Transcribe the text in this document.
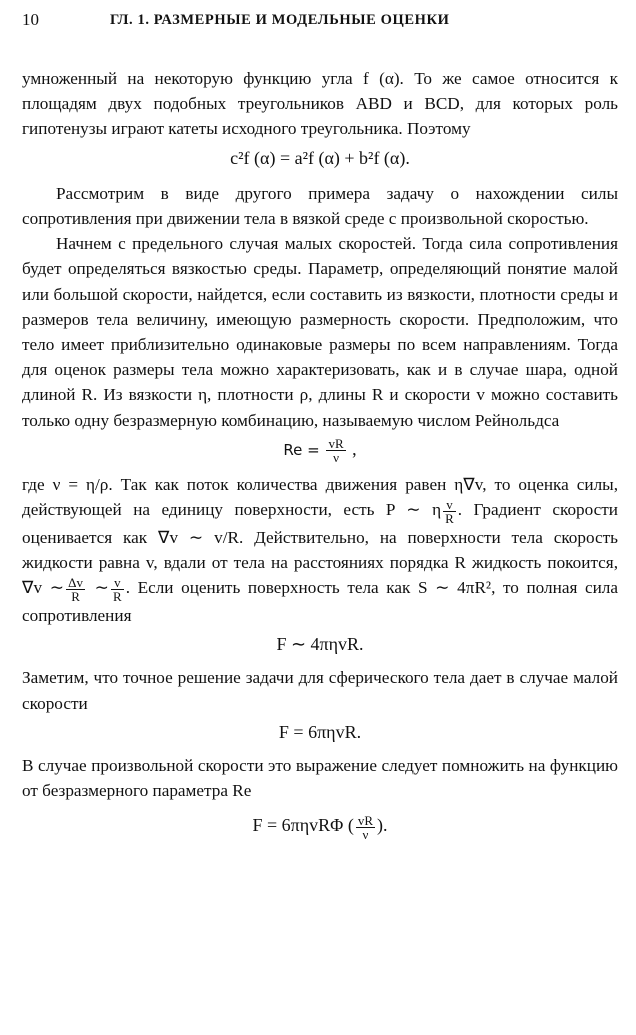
10	ГЛ. 1. РАЗМЕРНЫЕ И МОДЕЛЬНЫЕ ОЦЕНКИ

умноженный на некоторую функцию угла f (α). То же самое относится к площадям двух подобных треугольников ABD и BCD, для которых роль гипотенузы играют катеты исходного треугольника. Поэтому

c²f (α) = a²f (α) + b²f (α).

Рассмотрим в виде другого примера задачу о нахождении силы сопротивления при движении тела в вязкой среде с произвольной скоростью.

Начнем с предельного случая малых скоростей. Тогда сила сопротивления будет определяться вязкостью среды. Параметр, определяющий понятие малой или большой скорости, найдется, если составить из вязкости, плотности среды и размеров тела величину, имеющую размерность скорости. Предположим, что тело имеет приблизительно одинаковые размеры по всем направлениям. Тогда для оценок размеры тела можно характеризовать, как и в случае шара, одной длиной R. Из вязкости η, плотности ρ, длины R и скорости v можно составить только одну безразмерную комбинацию, называемую числом Рейнольдса

$Re = \frac{vR}{\nu}$ ,

где ν = η/ρ. Так как поток количества движения равен η∇v, то оценка силы, действующей на единицу поверхности, есть P ∼ η $\frac{v}{R}$ . Градиент скорости оценивается как ∇v ∼ v/R. Действительно, на поверхности тела скорость жидкости равна v, вдали от тела на расстояниях порядка R жидкость покоится, ∇v ∼ $\frac{\Delta v}{R}$ ∼ $\frac{v}{R}$ . Если оценить поверхность тела как S ∼ 4πR², то полная сила сопротивления

F ∼ 4πηvR.

Заметим, что точное решение задачи для сферического тела дает в случае малой скорости

F = 6πηvR.

В случае произвольной скорости это выражение следует помножить на функцию от безразмерного параметра Re

F = 6πηvRΦ ( $\frac{vR}{\nu}$ ).
